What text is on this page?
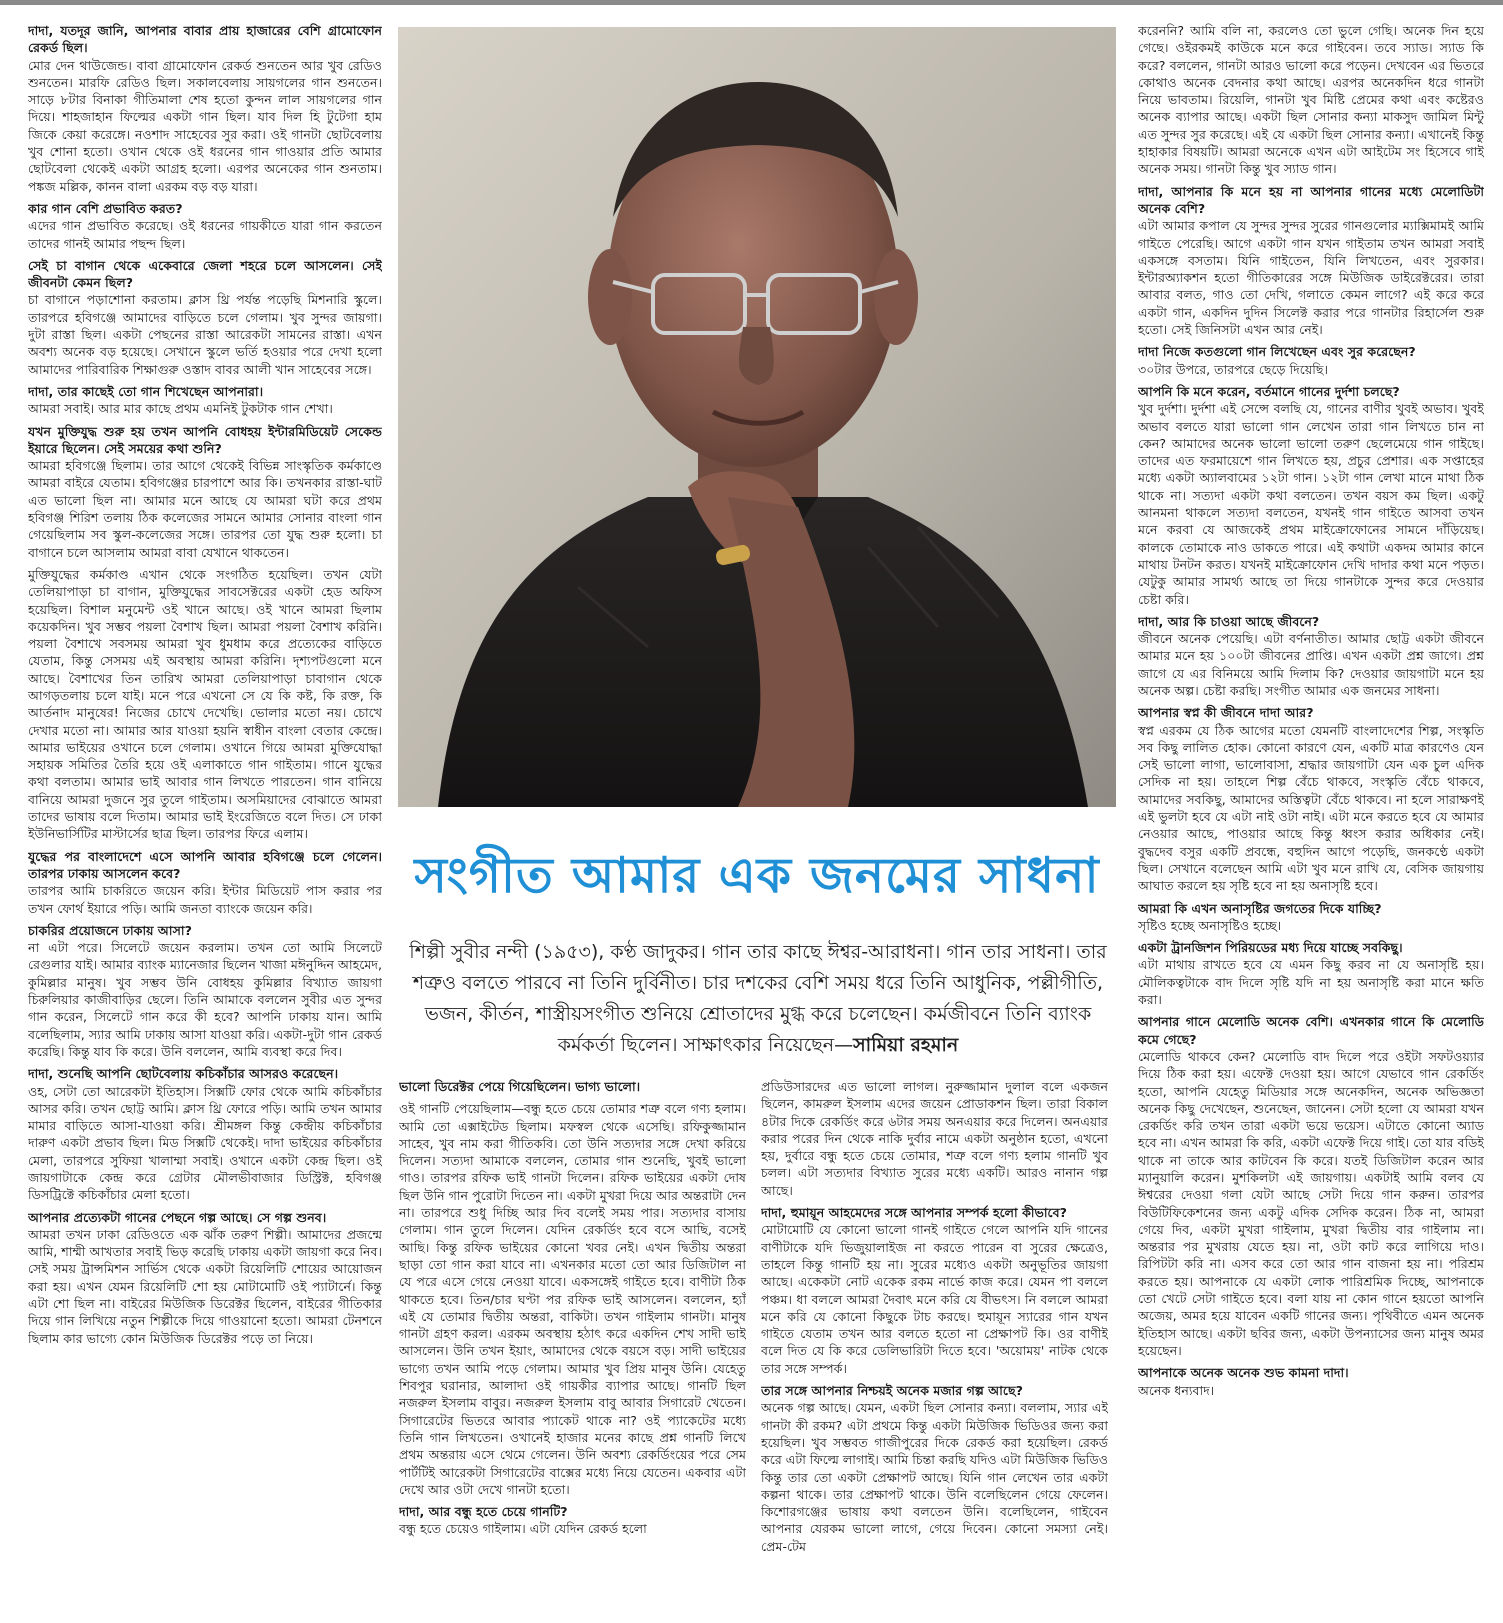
দাদা, যতদূর জানি, আপনার বাবার প্রায় হাজারের বেশি গ্রামোফোন রেকর্ড ছিল।

মোর দেন থাউজেন্ড। বাবা গ্রামোফোন রেকর্ড শুনতেন আর খুব রেডিও শুনতেন। মারফি রেডিও ছিল। সকালবেলায় সায়গলের গান শুনতেন। সাড়ে ৮টার বিনাকা গীতিমালা শেষ হতো কুন্দন লাল সায়গলের গান দিয়ে। শাহজাহান ফিল্মের একটা গান ছিল। যাব দিল হি টুটেগা হাম জিকে কেয়া করেঙ্গে। নওশাদ সাহেবের সুর করা। ওই গানটা ছোটবেলায় খুব শোনা হতো। ওখান থেকে ওই ধরনের গান গাওয়ার প্রতি আমার ছোটবেলা থেকেই একটা আগ্রহ হলো। এরপর অনেকের গান শুনতাম। পঙ্কজ মল্লিক, কানন বালা এরকম বড় বড় যারা।

কার গান বেশি প্রভাবিত করত?

এদের গান প্রভাবিত করেছে। ওই ধরনের গায়কীতে যারা গান করতেন তাদের গানই আমার পছন্দ ছিল।

সেই চা বাগান থেকে একেবারে জেলা শহরে চলে আসলেন। সেই জীবনটা কেমন ছিল?

চা বাগানে পড়াশোনা করতাম। ক্লাস থ্রি পর্যন্ত পড়েছি মিশনারি স্কুলে। তারপরে হবিগঞ্জে আমাদের বাড়িতে চলে গেলাম। খুব সুন্দর জায়গা। দুটা রাস্তা ছিল। একটা পেছনের রাস্তা আরেকটা সামনের রাস্তা। এখন অবশ্য অনেক বড় হয়েছে। সেখানে স্কুলে ভর্তি হওয়ার পরে দেখা হলো আমাদের পারিবারিক শিক্ষাগুরু ওস্তাদ বাবর আলী খান সাহেবের সঙ্গে।

দাদা, তার কাছেই তো গান শিখেছেন আপনারা।

আমরা সবাই। আর মার কাছে প্রথম এমনিই টুকটাক গান শেখা।

যখন মুক্তিযুদ্ধ শুরু হয় তখন আপনি বোধহয় ইন্টারমিডিয়েট সেকেন্ড ইয়ারে ছিলেন। সেই সময়ের কথা শুনি?

আমরা হবিগঞ্জে ছিলাম। তার আগে থেকেই বিভিন্ন সাংস্কৃতিক কর্মকাণ্ডে আমরা বাইরে যেতাম। হবিগঞ্জের চারপাশে আর কি। তখনকার রাস্তা-ঘাট এত ভালো ছিল না। আমার মনে আছে যে আমরা ঘটা করে প্রথম হবিগঞ্জ শিরিশ তলায় ঠিক কলেজের সামনে আমার সোনার বাংলা গান গেয়েছিলাম সব স্কুল-কলেজের সঙ্গে। তারপর তো যুদ্ধ শুরু হলো। চা বাগানে চলে আসলাম আমরা বাবা যেখানে থাকতেন।

মুক্তিযুদ্ধের কর্মকাণ্ড এখান থেকে সংগঠিত হয়েছিল। তখন যেটা তেলিয়াপাড়া চা বাগান, মুক্তিযুদ্ধের সাবসেক্টরের একটা হেড অফিস হয়েছিল। বিশাল মনুমেন্ট ওই খানে আছে। ওই খানে আমরা ছিলাম কয়েকদিন। খুব সম্ভব পয়লা বৈশাখ ছিল। আমরা পয়লা বৈশাখ করিনি। পয়লা বৈশাখে সবসময় আমরা খুব ধুমধাম করে প্রত্যেকের বাড়িতে যেতাম, কিন্তু সেসময় এই অবস্থায় আমরা করিনি। দৃশ্যপটগুলো মনে আছে। বৈশাখের তিন তারিখ আমরা তেলিয়াপাড়া চাবাগান থেকে আগড়তলায় চলে যাই। মনে পরে এখনো সে যে কি কষ্ট, কি রক্ত, কি আর্তনাদ মানুষের! নিজের চোখে দেখেছি। ভোলার মতো নয়। চোখে দেখার মতো না। আমার আর যাওয়া হয়নি স্বাধীন বাংলা বেতার কেন্দ্রে। আমার ভাইয়ের ওখানে চলে গেলাম। ওখানে গিয়ে আমরা মুক্তিযোদ্ধা সহায়ক সমিতির তৈরি হয়ে ওই এলাকাতে গান গাইতাম। গানে যুদ্ধের কথা বলতাম। আমার ভাই আবার গান লিখতে পারতেন। গান বানিয়ে বানিয়ে আমরা দুজনে সুর তুলে গাইতাম। অসমিয়াদের বোঝাতে আমরা তাদের ভাষায় বলে দিতাম। আমার ভাই ইংরেজিতে বলে দিত। সে ঢাকা ইউনিভার্সিটির মাস্টার্সের ছাত্র ছিল। তারপর ফিরে এলাম।

যুদ্ধের পর বাংলাদেশে এসে আপনি আবার হবিগঞ্জে চলে গেলেন। তারপর ঢাকায় আসলেন কবে?

তারপর আমি চাকরিতে জয়েন করি। ইন্টার মিডিয়েট পাস করার পর তখন ফোর্থ ইয়ারে পড়ি। আমি জনতা ব্যাংকে জয়েন করি।

চাকরির প্রয়োজনে ঢাকায় আসা?

না এটা পরে। সিলেটে জয়েন করলাম। তখন তো আমি সিলেটে রেগুলার যাই। আমার ব্যাংক ম্যানেজার ছিলেন খাজা মঈনুদ্দিন আহমেদ, কুমিল্লার মানুষ। খুব সম্ভব উনি বোধহয় কুমিল্লার বিখ্যাত জায়গা চিরুলিয়ার কাজীবাড়ির ছেলে। তিনি আমাকে বললেন সুবীর এত সুন্দর গান করেন, সিলেটে গান করে কী হবে? আপনি ঢাকায় যান। আমি বলেছিলাম, স্যার আমি ঢাকায় আসা যাওয়া করি। একটা-দুটা গান রেকর্ড করেছি। কিন্তু যাব কি করে। উনি বললেন, আমি ব্যবস্থা করে দিব।

দাদা, শুনেছি আপনি ছোটবেলায় কচিকাঁচার আসরও করেছেন।

ওহ, সেটা তো আরেকটা ইতিহাস। সিক্সটি ফোর থেকে আমি কচিকাঁচার আসর করি। তখন ছোট্ট আমি। ক্লাস থ্রি ফোরে পড়ি। আমি তখন আমার মামার বাড়িতে আসা-যাওয়া করি। শ্রীমঙ্গল কিন্তু কেন্দ্রীয় কচিকাঁচার দারুণ একটা প্রভাব ছিল। মিড সিক্সটি থেকেই। দাদা ভাইয়ের কচিকাঁচার মেলা, তারপরে সুফিয়া খালাম্মা সবাই। ওখানে একটা কেন্দ্র ছিল। ওই জায়গাটাকে কেন্দ্র করে গ্রেটার মৌলভীবাজার ডিস্ট্রিক্ট, হবিগঞ্জ ডিসট্রিক্টে কচিকাঁচার মেলা হতো।

আপনার প্রত্যেকটা গানের পেছনে গল্প আছে। সে গল্প শুনব।

আমরা তখন ঢাকা রেডিওতে এক ঝাঁক তরুণ শিল্পী। আমাদের প্রজন্মে আমি, শাম্মী আখতার সবাই ভিড় করেছি ঢাকায় একটা জায়গা করে নিব। সেই সময় ট্রান্সমিশন সার্ভিস থেকে একটা রিয়েলিটি শোয়ের আয়োজন করা হয়। এখন যেমন রিয়েলিটি শো হয় মোটামোটি ওই প্যাটার্নে। কিন্তু এটা শো ছিল না। বাইরের মিউজিক ডিরেক্টর ছিলেন, বাইরের গীতিকার দিয়ে গান লিখিয়ে নতুন শিল্পীকে দিয়ে গাওয়ানো হতো। আমরা টেনশনে ছিলাম কার ভাগ্যে কোন মিউজিক ডিরেক্টর পড়ে তা নিয়ে।

সংগীত আমার এক জনমের সাধনা
শিল্পী সুবীর নন্দী (১৯৫৩), কণ্ঠ জাদুকর। গান তার কাছে ঈশ্বর-আরাধনা। গান তার সাধনা। তার শত্রুও বলতে পারবে না তিনি দুর্বিনীত। চার দশকের বেশি সময় ধরে তিনি আধুনিক, পল্লীগীতি, ভজন, কীর্তন, শাস্ত্রীয়সংগীত শুনিয়ে শ্রোতাদের মুগ্ধ করে চলেছেন। কর্মজীবনে তিনি ব্যাংক কর্মকর্তা ছিলেন। সাক্ষাৎকার নিয়েছেন—সামিয়া রহমান

ভালো ডিরেক্টর পেয়ে গিয়েছিলেন। ভাগ্য ভালো।

ওই গানটি পেয়েছিলাম—বন্ধু হতে চেয়ে তোমার শত্রু বলে গণ্য হলাম। আমি তো এক্সাইটেড ছিলাম। মফস্বল থেকে এসেছি। রফিকুজ্জামান সাহেব, খুব নাম করা গীতিকবি। তো উনি সত্যদার সঙ্গে দেখা করিয়ে দিলেন। সত্যদা আমাকে বললেন, তোমার গান শুনেছি, খুবই ভালো গাও। তারপর রফিক ভাই গানটা দিলেন। রফিক ভাইয়ের একটা দোষ ছিল উনি গান পুরোটা দিতেন না। একটা মুখরা দিয়ে আর অন্তরাটা দেন না। তারপরে শুধু দিচ্ছি আর দিব বলেই সময় পার। সত্যদার বাসায় গেলাম। গান তুলে দিলেন। যেদিন রেকর্ডিং হবে বসে আছি, বসেই আছি। কিন্তু রফিক ভাইয়ের কোনো খবর নেই। এখন দ্বিতীয় অন্তরা ছাড়া তো গান করা যাবে না। এখনকার মতো তো আর ডিজিটাল না যে পরে এসে গেয়ে নেওয়া যাবে। একসঙ্গেই গাইতে হবে। বাণীটা ঠিক থাকতে হবে। তিন/চার ঘণ্টা পর রফিক ভাই আসলেন। বললেন, হ্যাঁ এই যে তোমার দ্বিতীয় অন্তরা, বাকিটা। তখন গাইলাম গানটা। মানুষ গানটা গ্রহণ করল। এরকম অবস্থায় হঠাৎ করে একদিন শেখ সাদী ভাই আসলেন। উনি তখন ইয়াং, আমাদের থেকে বয়সে বড়। সাদী ভাইয়ের ভাগ্যে তখন আমি পড়ে গেলাম। আমার খুব প্রিয় মানুষ উনি। যেহেতু শিবপুর ঘরানার, আলাদা ওই গায়কীর ব্যাপার আছে। গানটি ছিল নজরুল ইসলাম বাবুর। নজরুল ইসলাম বাবু আবার সিগারেট খেতেন। সিগারেটের ভিতরে আবার প্যাকেট থাকে না? ওই প্যাকেটের মধ্যে তিনি গান লিখতেন। ওখানেই হাজার মনের কাছে প্রশ্ন গানটি লিখে প্রথম অন্তরায় এসে থেমে গেলেন। উনি অবশ্য রেকর্ডিংয়ের পরে সেম পার্টটিই আরেকটা সিগারেটের বাক্সের মধ্যে নিয়ে যেতেন। একবার এটা দেখে আর ওটা দেখে গানটা হতো।

দাদা, আর বন্ধু হতে চেয়ে গানটি?

বন্ধু হতে চেয়েও গাইলাম। এটা যেদিন রেকর্ড হলো

প্রডিউসারদের এত ভালো লাগল। নুরুজ্জামান দুলাল বলে একজন ছিলেন, কামরুল ইসলাম এদের জয়েন প্রোডাকশন ছিল। তারা বিকাল ৪টার দিকে রেকর্ডিং করে ৬টার সময় অনএয়ার করে দিলেন। অনএয়ার করার পরের দিন থেকে নাকি দুর্বার নামে একটা অনুষ্ঠান হতো, এখনো হয়, দুর্বারে বন্ধু হতে চেয়ে তোমার, শত্রু বলে গণ্য হলাম গানটি খুব চলল। এটা সত্যদার বিখ্যাত সুরের মধ্যে একটি। আরও নানান গল্প আছে।

দাদা, হুমায়ূন আহমেদের সঙ্গে আপনার সম্পর্ক হলো কীভাবে?

মোটামোটি যে কোনো ভালো গানই গাইতে গেলে আপনি যদি গানের বাণীটাকে যদি ভিজুয়ালাইজ না করতে পারেন বা সুরের ক্ষেত্রেও, তাহলে কিন্তু গানটি হয় না। সুরের মধ্যেও একটা অনুভূতির জায়গা আছে। একেকটা নোট একেক রকম নার্ভে কাজ করে। যেমন পা বললে পঞ্চম। ধা বললে আমরা দৈবাৎ মনে করি যে বীভৎস। নি বললে আমরা মনে করি যে কোনো কিছুকে টাচ করছে। হুমায়ূন স্যারের গান যখন গাইতে যেতাম তখন আর বলতে হতো না প্রেক্ষাপট কি। ওর বাণীই বলে দিত যে কি করে ডেলিভারিটা দিতে হবে। 'অয়োময়' নাটক থেকে তার সঙ্গে সম্পর্ক।

তার সঙ্গে আপনার নিশ্চয়ই অনেক মজার গল্প আছে?

অনেক গল্প আছে। যেমন, একটা ছিল সোনার কন্যা। বললাম, স্যার এই গানটা কী রকম? এটা প্রথমে কিন্তু একটা মিউজিক ভিডিওর জন্য করা হয়েছিল। খুব সম্ভবত গাজীপুরের দিকে রেকর্ড করা হয়েছিল। রেকর্ড করে এটা ফিল্মে লাগাই। আমি চিন্তা করছি যদিও এটা মিউজিক ভিডিও কিন্তু তার তো একটা প্রেক্ষাপট আছে। যিনি গান লেখেন তার একটা কল্পনা থাকে। তার প্রেক্ষাপট থাকে। উনি বলেছিলেন গেয়ে ফেলেন। কিশোরগঞ্জের ভাষায় কথা বলতেন উনি। বলেছিলেন, গাইবেন আপনার যেরকম ভালো লাগে, গেয়ে দিবেন। কোনো সমস্যা নেই। প্রেম-টেম

করেননি? আমি বলি না, করলেও তো ভুলে গেছি। অনেক দিন হয়ে গেছে। ওইরকমই কাউকে মনে করে গাইবেন। তবে স্যাড। স্যাড কি করে? বললেন, গানটা আরও ভালো করে পড়েন। দেখবেন এর ভিতরে কোথাও অনেক বেদনার কথা আছে। এরপর অনেকদিন ধরে গানটা নিয়ে ভাবতাম। রিয়েলি, গানটা খুব মিষ্টি প্রেমের কথা এবং কষ্টেরও অনেক ব্যাপার আছে। একটা ছিল সোনার কন্যা মাকসুদ জামিল মিন্টু এত সুন্দর সুর করেছে। এই যে একটা ছিল সোনার কন্যা। এখানেই কিন্তু হাহাকার বিষয়টি। আমরা অনেকে এখন এটা আইটেম সং হিসেবে গাই অনেক সময়। গানটা কিন্তু খুব স্যাড গান।

দাদা, আপনার কি মনে হয় না আপনার গানের মধ্যে মেলোডিটা অনেক বেশি?

এটা আমার কপাল যে সুন্দর সুন্দর সুরের গানগুলোর ম্যাক্সিমামই আমি গাইতে পেরেছি। আগে একটা গান যখন গাইতাম তখন আমরা সবাই একসঙ্গে বসতাম। যিনি গাইতেন, যিনি লিখতেন, এবং সুরকার। ইন্টারঅ্যাকশন হতো গীতিকারের সঙ্গে মিউজিক ডাইরেক্টরের। তারা আবার বলত, গাও তো দেখি, গলাতে কেমন লাগে? এই করে করে একটা গান, একদিন দুদিন সিলেক্ট করার পরে গানটার রিহার্সেল শুরু হতো। সেই জিনিসটা এখন আর নেই।

দাদা নিজে কতগুলো গান লিখেছেন এবং সুর করেছেন?

৩০টার উপরে, তারপরে ছেড়ে দিয়েছি।

আপনি কি মনে করেন, বর্তমানে গানের দুর্দশা চলছে?

খুব দুর্দশা। দুর্দশা এই সেন্সে বলছি যে, গানের বাণীর খুবই অভাব। খুবই অভাব বলতে যারা ভালো গান লেখেন তারা গান লিখতে চান না কেন? আমাদের অনেক ভালো ভালো তরুণ ছেলেমেয়ে গান গাইছে। তাদের এত ফরমায়েশে গান লিখতে হয়, প্রচুর প্রেশার। এক সপ্তাহের মধ্যে একটা অ্যালবামের ১২টা গান। ১২টা গান লেখা মানে মাথা ঠিক থাকে না। সত্যদা একটা কথা বলতেন। তখন বয়স কম ছিল। একটু আনমনা থাকলে সত্যদা বলতেন, যখনই গান গাইতে আসবা তখন মনে করবা যে আজকেই প্রথম মাইক্রোফোনের সামনে দাঁড়িয়েছ। কালকে তোমাকে নাও ডাকতে পারে। এই কথাটা একদম আমার কানে মাথায় টনটন করত। যখনই মাইক্রোফোন দেখি দাদার কথা মনে পড়ত। যেটুকু আমার সামর্থ্য আছে তা দিয়ে গানটাকে সুন্দর করে দেওয়ার চেষ্টা করি।

দাদা, আর কি চাওয়া আছে জীবনে?

জীবনে অনেক পেয়েছি। এটা বর্ণনাতীত। আমার ছোট্ট একটা জীবনে আমার মনে হয় ১০০টা জীবনের প্রাপ্তি। এখন একটা প্রশ্ন জাগে। প্রশ্ন জাগে যে এর বিনিময়ে আমি দিলাম কি? দেওয়ার জায়গাটা মনে হয় অনেক অল্প। চেষ্টা করছি। সংগীত আমার এক জনমের সাধনা।

আপনার স্বপ্ন কী জীবনে দাদা আর?

স্বপ্ন এরকম যে ঠিক আগের মতো যেমনটি বাংলাদেশের শিল্প, সংস্কৃতি সব কিছু লালিত হোক। কোনো কারণে যেন, একটি মাত্র কারণেও যেন সেই ভালো লাগা, ভালোবাসা, শ্রদ্ধার জায়গাটা যেন এক চুল এদিক সেদিক না হয়। তাহলে শিল্প বেঁচে থাকবে, সংস্কৃতি বেঁচে থাকবে, আমাদের সবকিছু, আমাদের অস্তিত্বটা বেঁচে থাকবে। না হলে সারাক্ষণই এই ভুলটা হবে যে এটা নাই ওটা নাই। এটা মনে করতে হবে যে আমার নেওয়ার আছে, পাওয়ার আছে কিন্তু ধ্বংস করার অধিকার নেই। বুদ্ধদেব বসুর একটি প্রবন্ধে, বহুদিন আগে পড়েছি, জনকণ্ঠে একটা ছিল। সেখানে বলেছেন আমি এটা খুব মনে রাখি যে, বেসিক জায়গায় আঘাত করলে হয় সৃষ্টি হবে না হয় অনাসৃষ্টি হবে।

আমরা কি এখন অনাসৃষ্টির জগতের দিকে যাচ্ছি?

সৃষ্টিও হচ্ছে অনাসৃষ্টিও হচ্ছে।

একটা ট্রানজিশন পিরিয়ডের মধ্য দিয়ে যাচ্ছে সবকিছু।

এটা মাথায় রাখতে হবে যে এমন কিছু করব না যে অনাসৃষ্টি হয়। মৌলিকত্বটাকে বাদ দিলে সৃষ্টি যদি না হয় অনাসৃষ্টি করা মানে ক্ষতি করা।

আপনার গানে মেলোডি অনেক বেশি। এখনকার গানে কি মেলোডি কমে গেছে?

মেলোডি থাকবে কেন? মেলোডি বাদ দিলে পরে ওইটা সফটওয়্যার দিয়ে ঠিক করা হয়। এফেক্ট দেওয়া হয়। আগে যেভাবে গান রেকর্ডিং হতো, আপনি যেহেতু মিডিয়ার সঙ্গে অনেকদিন, অনেক অভিজ্ঞতা অনেক কিছু দেখেছেন, শুনেছেন, জানেন। সেটা হলো যে আমরা যখন রেকর্ডিং করি তখন তারা একটা ভয়ে ভয়েস। এটাতে কোনো অ্যাড হবে না। এখন আমরা কি করি, একটা এফেক্ট দিয়ে গাই। তো যার বডিই থাকে না তাকে আর কাটবেন কি করে। যতই ডিজিটাল করেন আর ম্যানুয়ালি করেন। মুশকিলটা এই জায়গায়। একটাই আমি বলব যে ঈশ্বরের দেওয়া গলা যেটা আছে সেটা দিয়ে গান করুন। তারপর বিউটিফিকেশনের জন্য একটু এদিক সেদিক করেন। ঠিক না, আমরা গেয়ে দিব, একটা মুখরা গাইলাম, মুখরা দ্বিতীয় বার গাইলাম না। অন্তরার পর মুখরায় যেতে হয়। না, ওটা কাট করে লাগিয়ে দাও। রিপিটটা করি না। এসব করে তো আর গান বাজনা হয় না। পরিশ্রম করতে হয়। আপনাকে যে একটা লোক পারিশ্রমিক দিচ্ছে, আপনাকে তো খেটে সেটা গাইতে হবে। বলা যায় না কোন গানে হয়তো আপনি অজেয়, অমর হয়ে যাবেন একটি গানের জন্য। পৃথিবীতে এমন অনেক ইতিহাস আছে। একটা ছবির জন্য, একটা উপন্যাসের জন্য মানুষ অমর হয়েছেন।

আপনাকে অনেক অনেক শুভ কামনা দাদা।

অনেক ধন্যবাদ।
